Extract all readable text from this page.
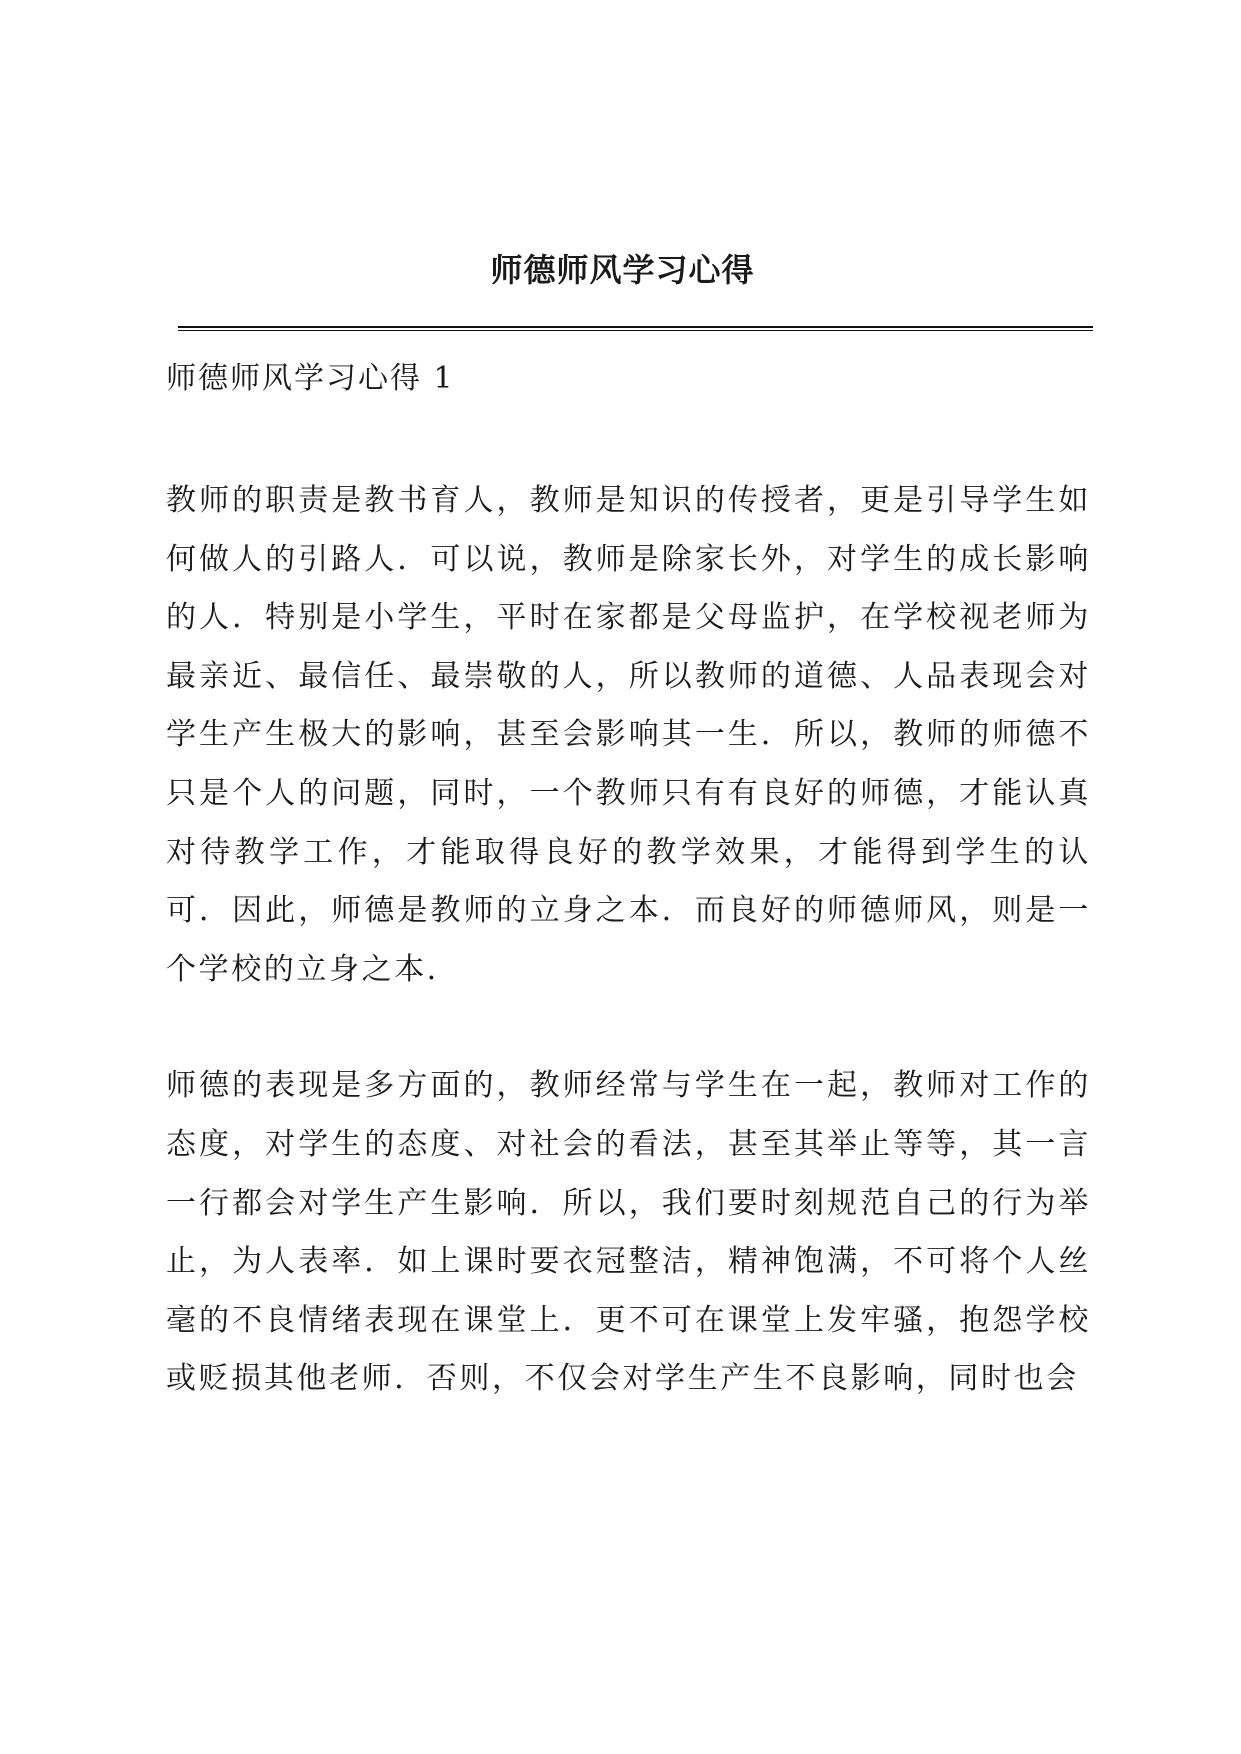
师德师风学习心得
师德师风学习心得 1

教师的职责是教书育人，教师是知识的传授者，更是引导学生如何做人的引路人．可以说，教师是除家长外，对学生的成长影响的人．特别是小学生，平时在家都是父母监护，在学校视老师为最亲近、最信任、最崇敬的人，所以教师的道德、人品表现会对学生产生极大的影响，甚至会影响其一生．所以，教师的师德不只是个人的问题，同时，一个教师只有有良好的师德，才能认真对待教学工作，才能取得良好的教学效果，才能得到学生的认可．因此，师德是教师的立身之本．而良好的师德师风，则是一个学校的立身之本．

师德的表现是多方面的，教师经常与学生在一起，教师对工作的态度，对学生的态度、对社会的看法，甚至其举止等等，其一言一行都会对学生产生影响．所以，我们要时刻规范自己的行为举止，为人表率．如上课时要衣冠整洁，精神饱满，不可将个人丝毫的不良情绪表现在课堂上．更不可在课堂上发牢骚，抱怨学校或贬损其他老师．否则，不仅会对学生产生不良影响，同时也会
